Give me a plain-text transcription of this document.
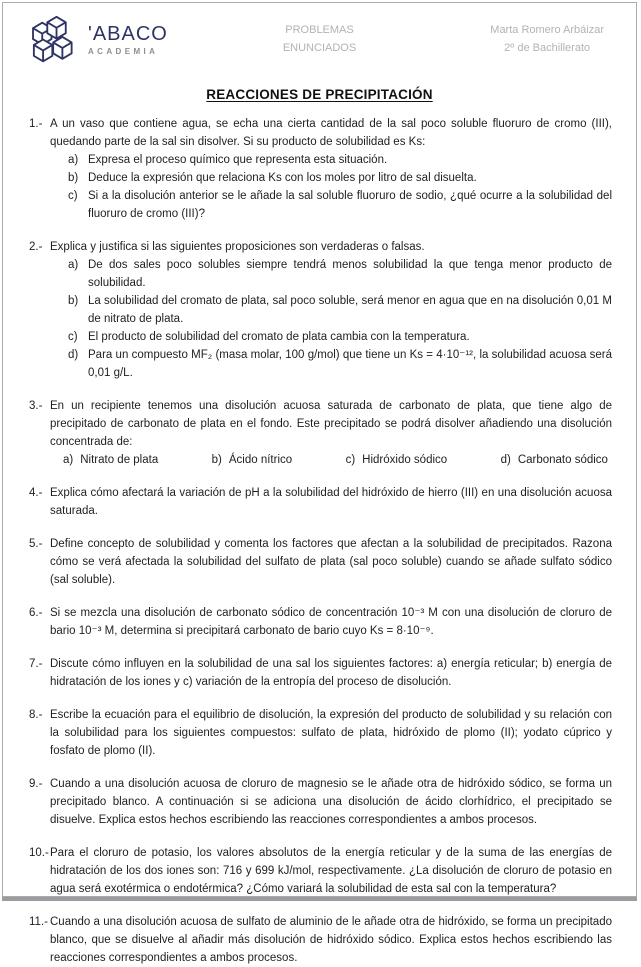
'ABACO
ACADEMIA
PROBLEMAS
ENUNCIADOS
Marta Romero Arbáizar
2º de Bachillerato
REACCIONES DE PRECIPITACIÓN
1.- A un vaso que contiene agua, se echa una cierta cantidad de la sal poco soluble fluoruro de cromo (III), quedando parte de la sal sin disolver. Si su producto de solubilidad es Ks:
a) Expresa el proceso químico que representa esta situación.
b) Deduce la expresión que relaciona Ks con los moles por litro de sal disuelta.
c) Si a la disolución anterior se le añade la sal soluble fluoruro de sodio, ¿qué ocurre a la solubilidad del fluoruro de cromo (III)?
2.- Explica y justifica si las siguientes proposiciones son verdaderas o falsas.
a) De dos sales poco solubles siempre tendrá menos solubilidad la que tenga menor producto de solubilidad.
b) La solubilidad del cromato de plata, sal poco soluble, será menor en agua que en na disolución 0,01 M de nitrato de plata.
c) El producto de solubilidad del cromato de plata cambia con la temperatura.
d) Para un compuesto MF₂ (masa molar, 100 g/mol) que tiene un Ks = 4·10⁻¹², la solubilidad acuosa será 0,01 g/L.
3.- En un recipiente tenemos una disolución acuosa saturada de carbonato de plata, que tiene algo de precipitado de carbonato de plata en el fondo. Este precipitado se podrá disolver añadiendo una disolución concentrada de:
a) Nitrato de plata	b) Ácido nítrico	c) Hidróxido sódico	d) Carbonato sódico
4.- Explica cómo afectará la variación de pH a la solubilidad del hidróxido de hierro (III) en una disolución acuosa saturada.
5.- Define concepto de solubilidad y comenta los factores que afectan a la solubilidad de precipitados. Razona cómo se verá afectada la solubilidad del sulfato de plata (sal poco soluble) cuando se añade sulfato sódico (sal soluble).
6.- Si se mezcla una disolución de carbonato sódico de concentración 10⁻³ M con una disolución de cloruro de bario 10⁻³ M, determina si precipitará carbonato de bario cuyo Ks = 8·10⁻⁹.
7.- Discute cómo influyen en la solubilidad de una sal los siguientes factores: a) energía reticular; b) energía de hidratación de los iones y c) variación de la entropía del proceso de disolución.
8.- Escribe la ecuación para el equilibrio de disolución, la expresión del producto de solubilidad y su relación con la solubilidad para los siguientes compuestos: sulfato de plata, hidróxido de plomo (II); yodato cúprico y fosfato de plomo (II).
9.- Cuando a una disolución acuosa de cloruro de magnesio se le añade otra de hidróxido sódico, se forma un precipitado blanco. A continuación si se adiciona una disolución de ácido clorhídrico, el precipitado se disuelve. Explica estos hechos escribiendo las reacciones correspondientes a ambos procesos.
10.- Para el cloruro de potasio, los valores absolutos de la energía reticular y de la suma de las energías de hidratación de los dos iones son: 716 y 699 kJ/mol, respectivamente. ¿La disolución de cloruro de potasio en agua será exotérmica o endotérmica? ¿Cómo variará la solubilidad de esta sal con la temperatura?
11.- Cuando a una disolución acuosa de sulfato de aluminio de le añade otra de hidróxido, se forma un precipitado blanco, que se disuelve al añadir más disolución de hidróxido sódico. Explica estos hechos escribiendo las reacciones correspondientes a ambos procesos.
